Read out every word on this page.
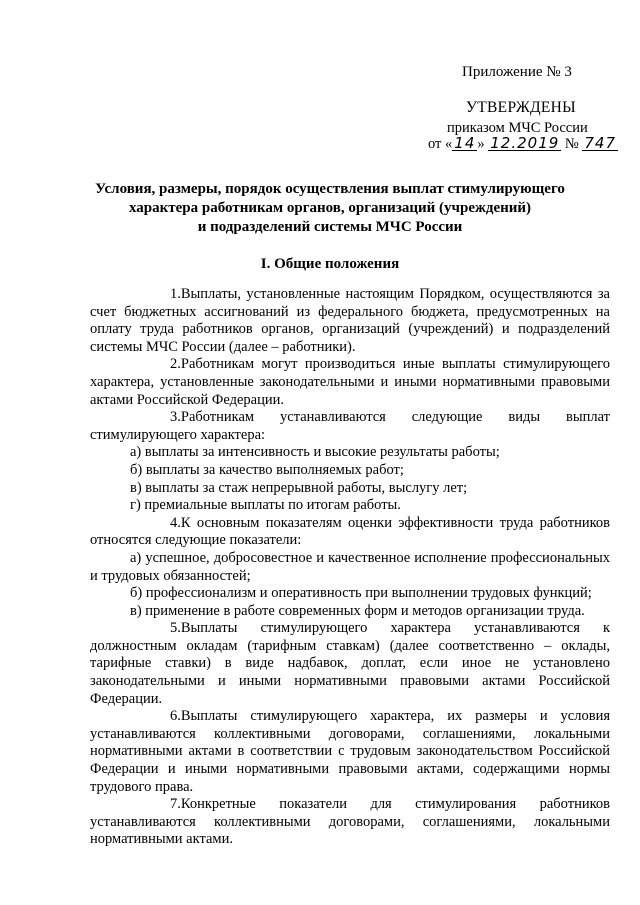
Приложение № 3
УТВЕРЖДЕНЫ
приказом МЧС России
от « 14 » 12.2019 № 747
Условия, размеры, порядок осуществления выплат стимулирующего
характера работникам органов, организаций (учреждений)
и подразделений системы МЧС России
I. Общие положения

1.Выплаты, установленные настоящим Порядком, осуществляются за счет бюджетных ассигнований из федерального бюджета, предусмотренных на оплату труда работников органов, организаций (учреждений) и подразделений системы МЧС России (далее – работники).

2.Работникам могут производиться иные выплаты стимулирующего характера, установленные законодательными и иными нормативными правовыми актами Российской Федерации.

3.Работникам устанавливаются следующие виды выплат стимулирующего характера:

а) выплаты за интенсивность и высокие результаты работы;

б) выплаты за качество выполняемых работ;

в) выплаты за стаж непрерывной работы, выслугу лет;

г) премиальные выплаты по итогам работы.

4.К основным показателям оценки эффективности труда работников относятся следующие показатели:

а) успешное, добросовестное и качественное исполнение профессиональных и трудовых обязанностей;

б) профессионализм и оперативность при выполнении трудовых функций;

в) применение в работе современных форм и методов организации труда.

5.Выплаты стимулирующего характера устанавливаются к должностным окладам (тарифным ставкам) (далее соответственно – оклады, тарифные ставки) в виде надбавок, доплат, если иное не установлено законодательными и иными нормативными правовыми актами Российской Федерации.

6.Выплаты стимулирующего характера, их размеры и условия устанавливаются коллективными договорами, соглашениями, локальными нормативными актами в соответствии с трудовым законодательством Российской Федерации и иными нормативными правовыми актами, содержащими нормы трудового права.

7.Конкретные показатели для стимулирования работников устанавливаются коллективными договорами, соглашениями, локальными нормативными актами.
